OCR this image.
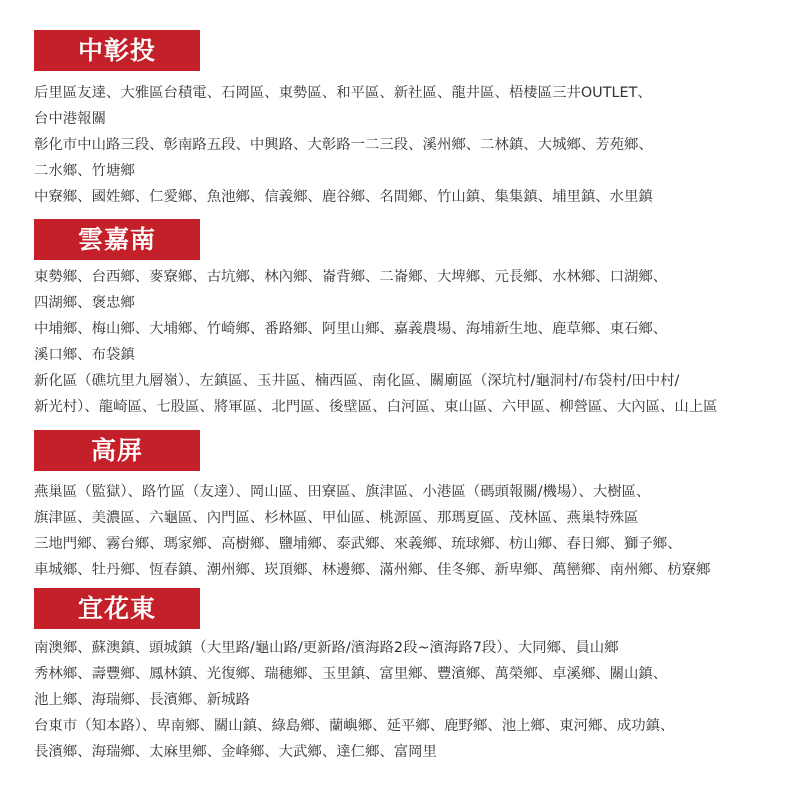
中彰投
后里區友達、大雅區台積電、石岡區、東勢區、和平區、新社區、龍井區、梧棲區三井OUTLET、
台中港報關
彰化市中山路三段、彰南路五段、中興路、大彰路一二三段、溪州鄉、二林鎮、大城鄉、芳苑鄉、
二水鄉、竹塘鄉
中寮鄉、國姓鄉、仁愛鄉、魚池鄉、信義鄉、鹿谷鄉、名間鄉、竹山鎮、集集鎮、埔里鎮、水里鎮
雲嘉南
東勢鄉、台西鄉、麥寮鄉、古坑鄉、林內鄉、崙背鄉、二崙鄉、大埤鄉、元長鄉、水林鄉、口湖鄉、
四湖鄉、褒忠鄉
中埔鄉、梅山鄉、大埔鄉、竹崎鄉、番路鄉、阿里山鄉、嘉義農場、海埔新生地、鹿草鄉、東石鄉、
溪口鄉、布袋鎮
新化區（礁坑里九層嶺）、左鎮區、玉井區、楠西區、南化區、關廟區（深坑村/龜洞村/布袋村/田中村/
新光村）、龍崎區、七股區、將軍區、北門區、後壁區、白河區、東山區、六甲區、柳營區、大內區、山上區
高屏
燕巢區（監獄）、路竹區（友達）、岡山區、田寮區、旗津區、小港區（碼頭報關/機場）、大樹區、
旗津區、美濃區、六龜區、內門區、杉林區、甲仙區、桃源區、那瑪夏區、茂林區、燕巢特殊區
三地門鄉、霧台鄉、瑪家鄉、高樹鄉、鹽埔鄉、泰武鄉、來義鄉、琉球鄉、枋山鄉、春日鄉、獅子鄉、
車城鄉、牡丹鄉、恆春鎮、潮州鄉、崁頂鄉、林邊鄉、滿州鄉、佳冬鄉、新卑鄉、萬巒鄉、南州鄉、枋寮鄉
宜花東
南澳鄉、蘇澳鎮、頭城鎮（大里路/龜山路/更新路/濱海路2段~濱海路7段）、大同鄉、員山鄉
秀林鄉、壽豐鄉、鳳林鎮、光復鄉、瑞穗鄉、玉里鎮、富里鄉、豐濱鄉、萬榮鄉、卓溪鄉、關山鎮、
池上鄉、海瑞鄉、長濱鄉、新城路
台東市（知本路）、卑南鄉、關山鎮、綠島鄉、蘭嶼鄉、延平鄉、鹿野鄉、池上鄉、東河鄉、成功鎮、
長濱鄉、海瑞鄉、太麻里鄉、金峰鄉、大武鄉、達仁鄉、富岡里
